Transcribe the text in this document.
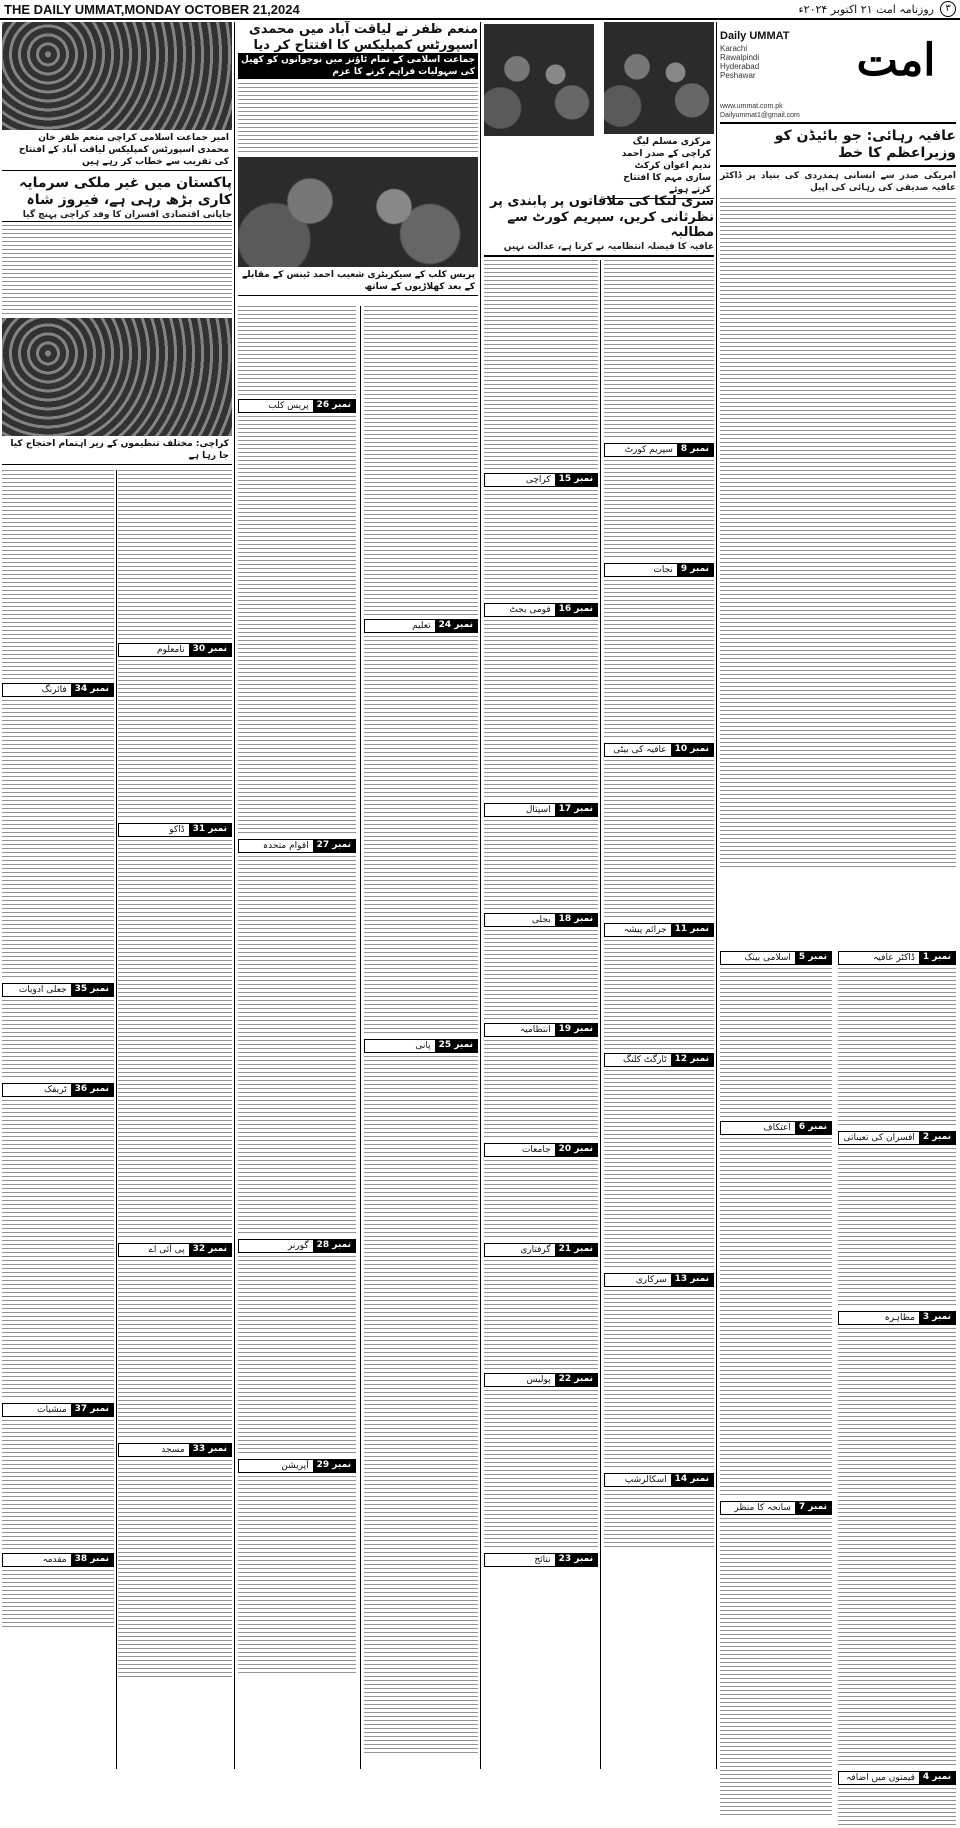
THE DAILY UMMAT,MONDAY OCTOBER 21,2024	روزنامہ امت ۲۱ اکتوبر ۲۰۲۴ء	۳
امت
Daily UMMAT
Karachi
Rawalpindi
Hyderabad
Peshawar
www.ummat.com.pk
Dailyummat1@gmail.com
عافیہ رہائی: جو بائیڈن کو وزیراعظم کا خط
امریکی صدر سے انسانی ہمدردی کی بنیاد پر ڈاکٹر عافیہ صدیقی کی رہائی کی اپیل
نمبر 5
اسلامی بینک
نمبر 6
اعتکاف
نمبر 7
سانحہ کا منظر
نمبر 1
ڈاکٹر عافیہ
نمبر 2
افسران کی تعیناتی
نمبر 3
مظاہرہ
نمبر 4
قیمتوں میں اضافہ
مرکزی مسلم لیگ کراچی کے صدر احمد ندیم اعوان کرکٹ سازی مہم کا افتتاح کرتے ہوئے
سری لنکا کی ملاقاتوں پر پابندی پر نظرثانی کریں، سپریم کورٹ سے مطالبہ
عافیہ کا فیصلہ انتظامیہ نے کرنا ہے، عدالت نہیں
نمبر 8
سپریم کورٹ
نمبر 9
نجات
نمبر 10
عافیہ کی بیٹی
نمبر 11
جرائم پیشہ
نمبر 12
ٹارگٹ کلنگ
نمبر 13
سرکاری
نمبر 14
اسکالرشپ
نمبر 15
کراچی
نمبر 16
قومی بجٹ
نمبر 17
اسپتال
نمبر 18
بجلی
نمبر 19
انتظامیہ
نمبر 20
جامعات
نمبر 21
گرفتاری
نمبر 22
پولیس
نمبر 23
نتائج
منعم ظفر نے لیاقت آباد میں محمدی اسپورٹس کمپلیکس کا افتتاح کر دیا
جماعت اسلامی کے تمام ٹاؤنز میں نوجوانوں کو کھیل کی سہولیات فراہم کرنے کا عزم
پریس کلب کے سیکریٹری شعیب احمد ٹینس کے مقابلے کے بعد کھلاڑیوں کے ساتھ
نمبر 24
تعلیم
نمبر 25
پانی
نمبر 26
پریس کلب
نمبر 27
اقوام متحدہ
نمبر 28
گورنر
نمبر 29
آپریشن
امیر جماعت اسلامی کراچی منعم ظفر خان محمدی اسپورٹس کمپلیکس لیاقت آباد کے افتتاح کی تقریب سے خطاب کر رہے ہیں
پاکستان میں غیر ملکی سرمایہ کاری بڑھ رہی ہے، فیروز شاہ
جاپانی اقتصادی افسران کا وفد کراچی پہنچ گیا
کراچی: مختلف تنظیموں کے زیر اہتمام احتجاج کیا جا رہا ہے
نمبر 30
نامعلوم
نمبر 31
ڈاکو
نمبر 32
پی آئی اے
نمبر 33
مسجد
نمبر 34
فائرنگ
نمبر 35
جعلی ادویات
نمبر 36
ٹریفک
نمبر 37
منشیات
نمبر 38
مقدمہ
